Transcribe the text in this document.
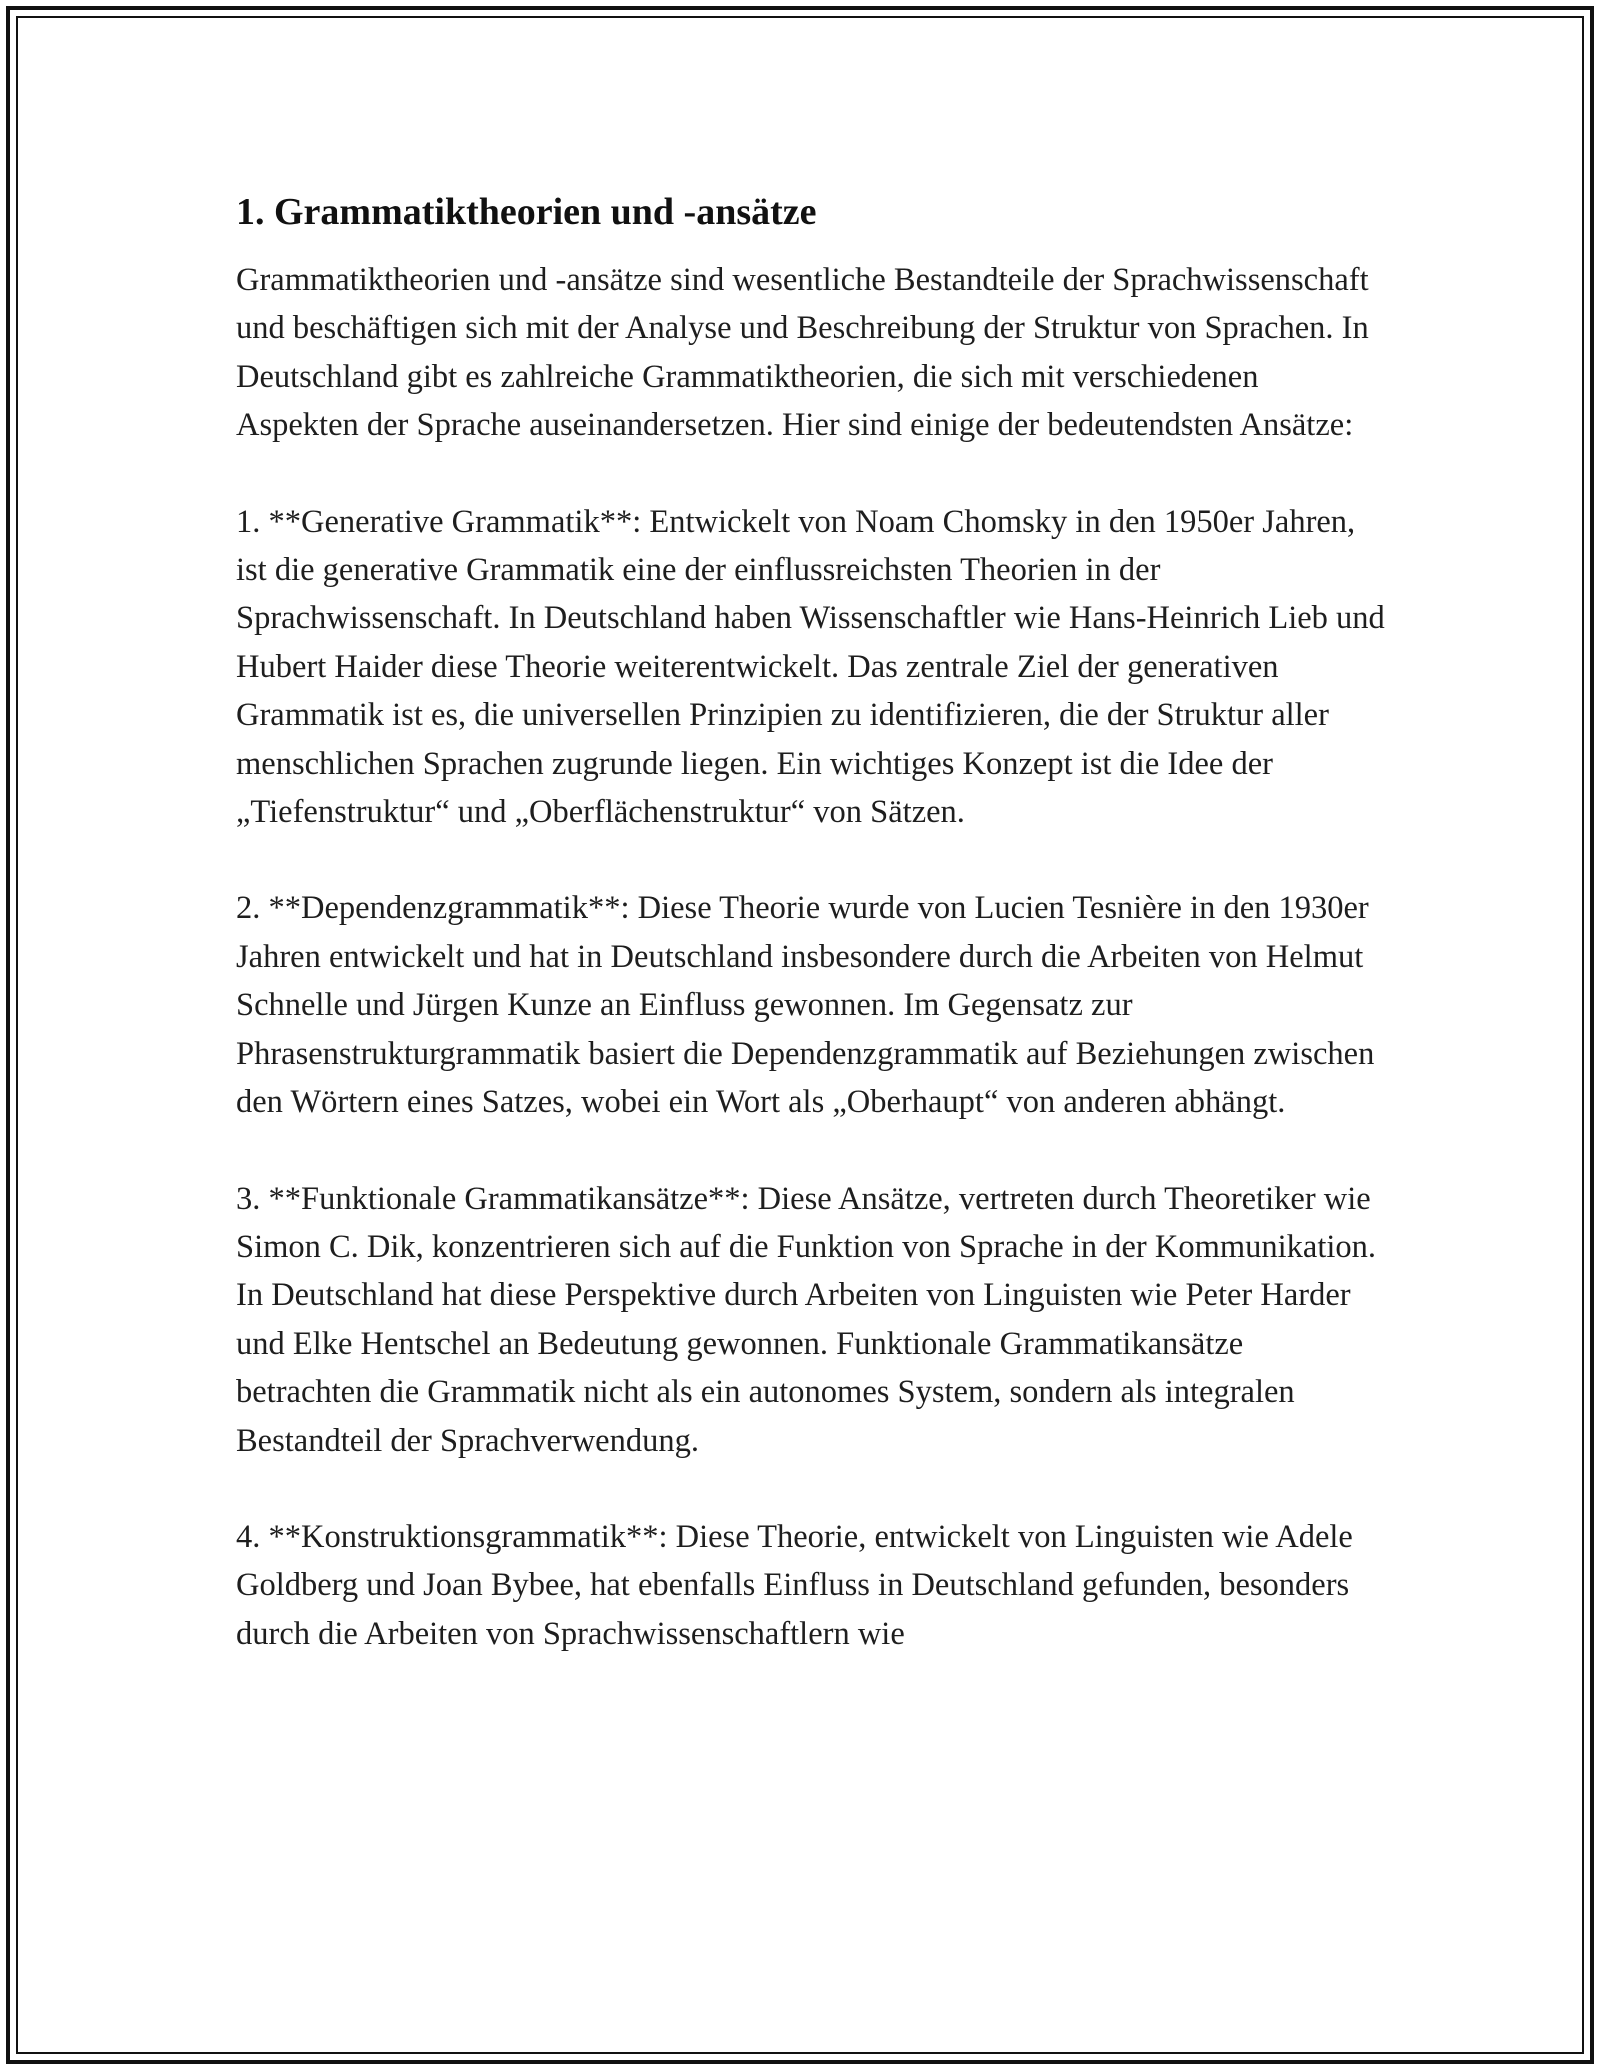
1. Grammatiktheorien und -ansätze

Grammatiktheorien und -ansätze sind wesentliche Bestandteile der Sprachwissenschaft und beschäftigen sich mit der Analyse und Beschreibung der Struktur von Sprachen. In Deutschland gibt es zahlreiche Grammatiktheorien, die sich mit verschiedenen Aspekten der Sprache auseinandersetzen. Hier sind einige der bedeutendsten Ansätze:

1. **Generative Grammatik**: Entwickelt von Noam Chomsky in den 1950er Jahren, ist die generative Grammatik eine der einflussreichsten Theorien in der Sprachwissenschaft. In Deutschland haben Wissenschaftler wie Hans-Heinrich Lieb und Hubert Haider diese Theorie weiterentwickelt. Das zentrale Ziel der generativen Grammatik ist es, die universellen Prinzipien zu identifizieren, die der Struktur aller menschlichen Sprachen zugrunde liegen. Ein wichtiges Konzept ist die Idee der „Tiefenstruktur“ und „Oberflächenstruktur“ von Sätzen.

2. **Dependenzgrammatik**: Diese Theorie wurde von Lucien Tesnière in den 1930er Jahren entwickelt und hat in Deutschland insbesondere durch die Arbeiten von Helmut Schnelle und Jürgen Kunze an Einfluss gewonnen. Im Gegensatz zur Phrasenstrukturgrammatik basiert die Dependenzgrammatik auf Beziehungen zwischen den Wörtern eines Satzes, wobei ein Wort als „Oberhaupt“ von anderen abhängt.

3. **Funktionale Grammatikansätze**: Diese Ansätze, vertreten durch Theoretiker wie Simon C. Dik, konzentrieren sich auf die Funktion von Sprache in der Kommunikation. In Deutschland hat diese Perspektive durch Arbeiten von Linguisten wie Peter Harder und Elke Hentschel an Bedeutung gewonnen. Funktionale Grammatikansätze betrachten die Grammatik nicht als ein autonomes System, sondern als integralen Bestandteil der Sprachverwendung.

4. **Konstruktionsgrammatik**: Diese Theorie, entwickelt von Linguisten wie Adele Goldberg und Joan Bybee, hat ebenfalls Einfluss in Deutschland gefunden, besonders durch die Arbeiten von Sprachwissenschaftlern wie
